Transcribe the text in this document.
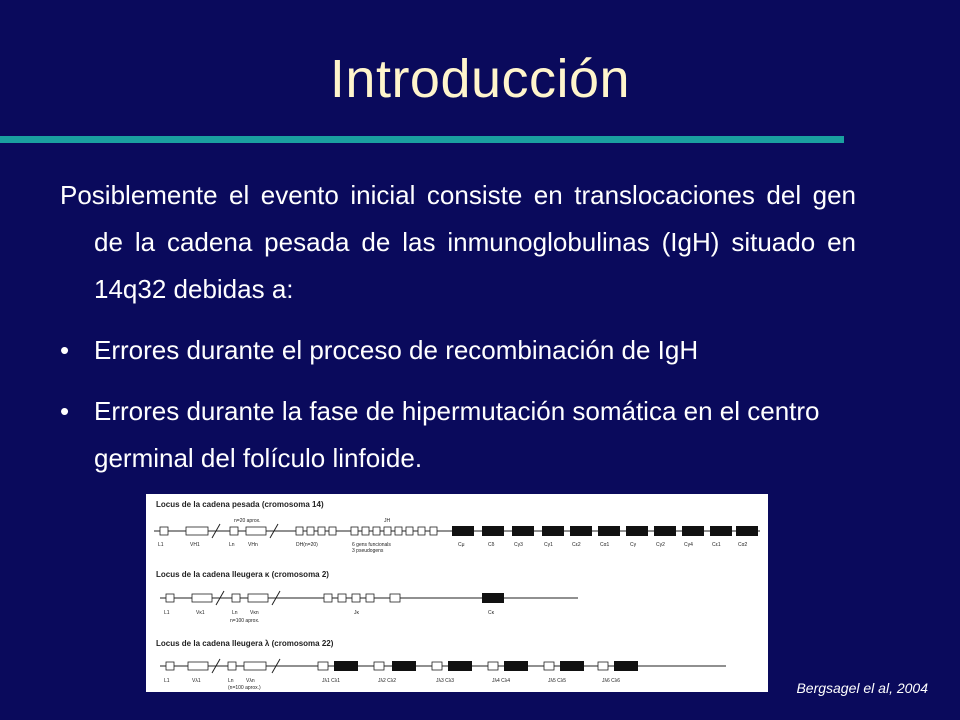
Introducción
Posiblemente el evento inicial consiste en translocaciones del gen de la cadena pesada de las inmunoglobulinas (IgH) situado en 14q32 debidas a:
• Errores durante el proceso de recombinación de IgH
• Errores durante la fase de hipermutación somática en el centro germinal del folículo linfoide.
Locus de la cadena pesada (cromosoma 14)
n=20 aprox.	JH
L1	VH1	Ln	VHn	DH(n=20)	6 gens funcionals
3 pseudogens
Cμ	Cδ	Cγ3	Cγ1	Cε2	Cα1	Cγ	Cγ2	Cγ4	Cε1	Cα2
Locus de la cadena lleugera κ (cromosoma 2)
L1	Vκ1	Ln Vκn
n=100 aprox.
Jκ	Cκ
Locus de la cadena lleugera λ (cromosoma 22)
L1	Vλ1	Ln Vλn
(n=100 aprox.)
Jλ1 Cλ1	Jλ2 Cλ2	Jλ3 Cλ3	Jλ4 Cλ4	Jλ5 Cλ5	Jλ6 Cλ6	Bergsagel el al, 2004
